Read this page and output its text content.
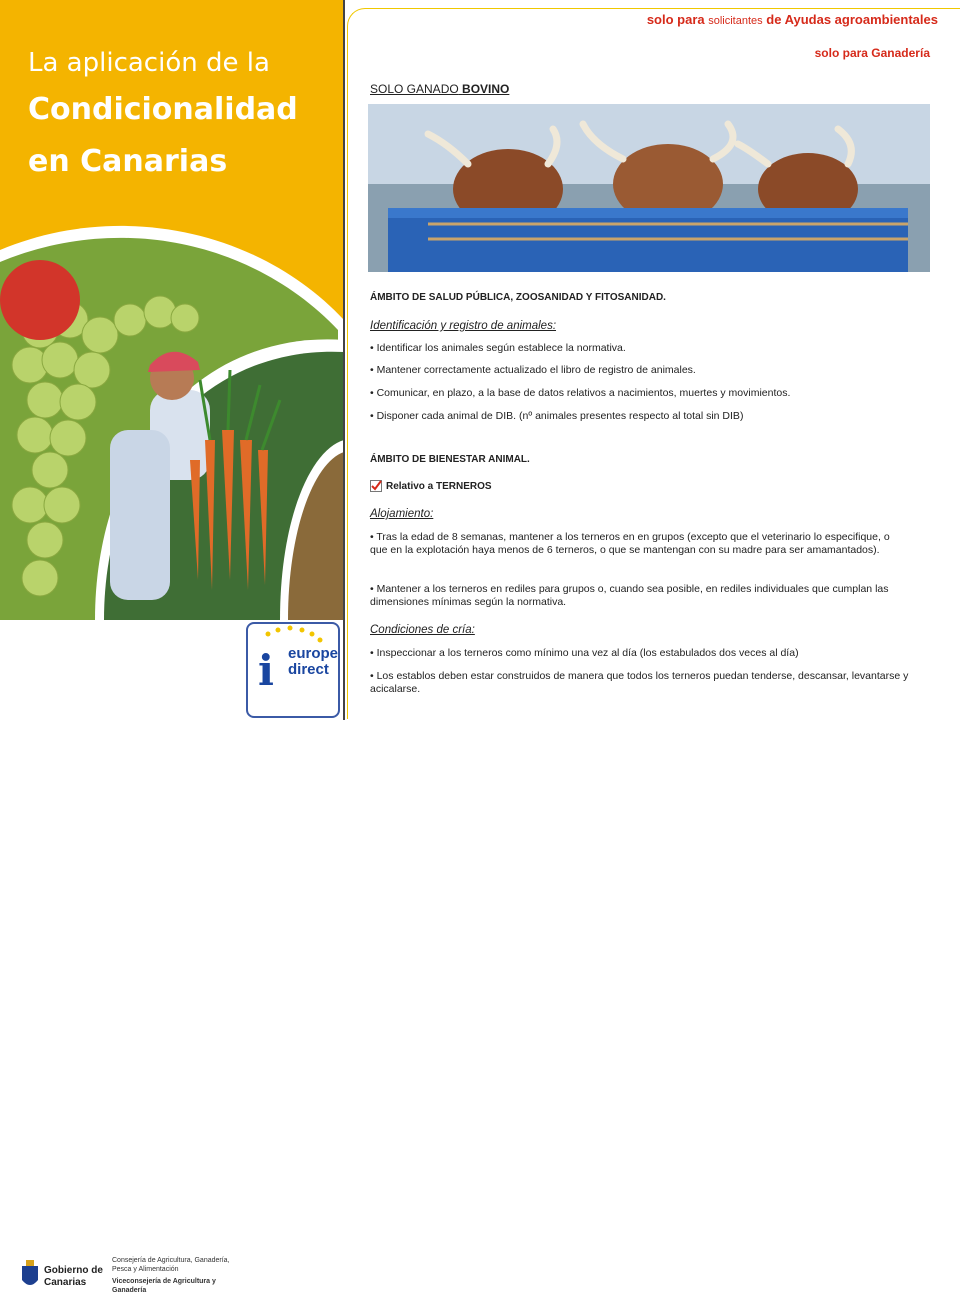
La aplicación de la
Condicionalidad
en Canarias
Gobierno de Canarias
Consejería de Agricultura, Ganadería, Pesca y Alimentación
Viceconsejería de Agricultura y Ganadería
i europe direct
solo para solicitantes de Ayudas agroambientales
solo para Ganadería
SOLO GANADO BOVINO
ÁMBITO DE SALUD PÚBLICA, ZOOSANIDAD Y FITOSANIDAD.
Identificación y registro de animales:
• Identificar los animales según establece la normativa.
• Mantener correctamente actualizado el libro de registro de animales.
• Comunicar, en plazo, a la base de datos relativos a nacimientos, muertes y movimientos.
• Disponer cada animal de DIB. (nº animales presentes respecto al total sin DIB)
ÁMBITO DE BIENESTAR ANIMAL.
Relativo a TERNEROS
Alojamiento:
• Tras la edad de 8 semanas, mantener a los terneros en en grupos (excepto que el veterinario lo especifique, o que en la explotación haya menos de 6 terneros, o que se mantengan con su madre para ser amamantados).
• Mantener a los terneros en rediles para grupos o, cuando sea posible, en rediles individuales que cumplan las dimensiones mínimas según la normativa.
Condiciones de cría:
• Inspeccionar a los terneros como mínimo una vez al día (los estabulados dos veces al día)
• Los establos deben estar construidos de manera que todos los terneros puedan tenderse, descansar, levantarse y acicalarse.
